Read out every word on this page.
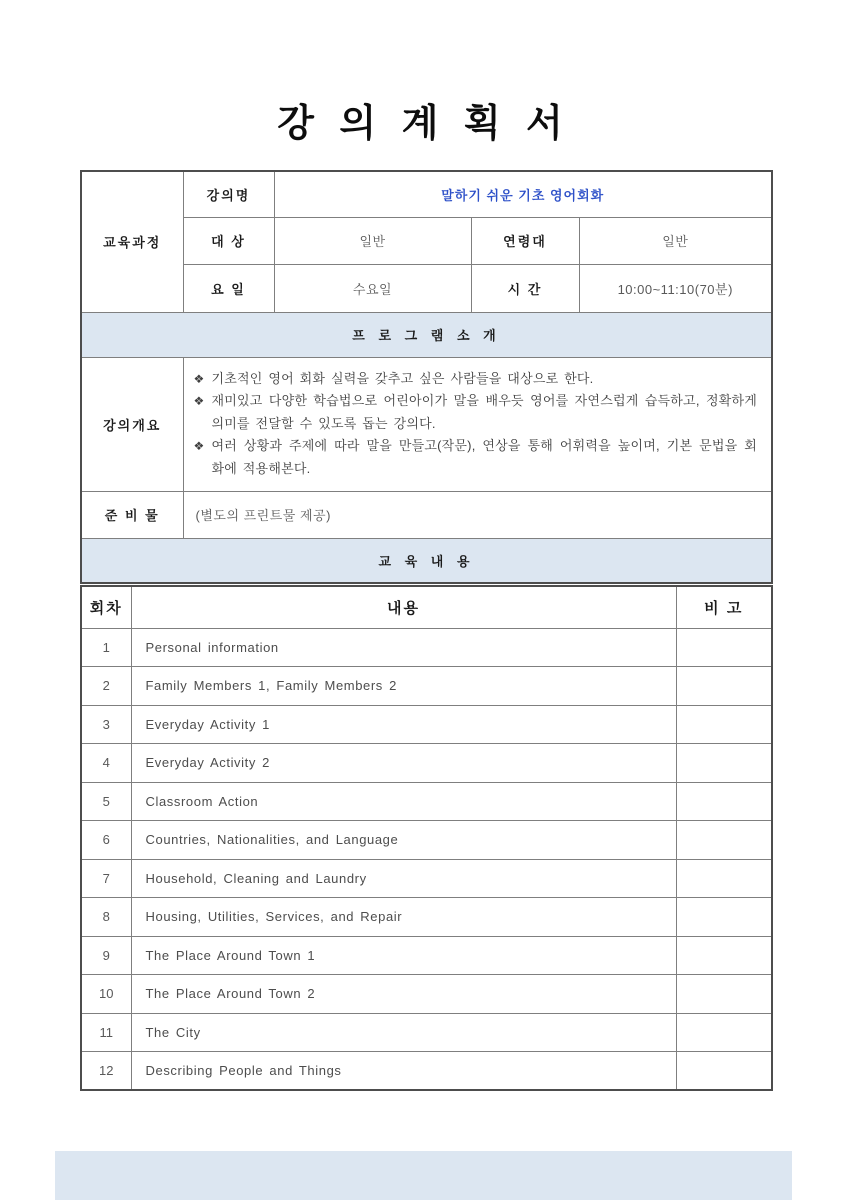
강 의 계 획 서
교육과정	강의명	말하기 쉬운 기초 영어회화		
	대 상	일반	연령대	일반
	요 일	수요일	시 간	10:00~11:10(70분)
프 로 그 램 소 개				
강의개요	
❖ 기초적인 영어 회화 실력을 갖추고 싶은 사람들을 대상으로 한다.
❖ 재미있고 다양한 학습법으로 어린아이가 말을 배우듯 영어를 자연스럽게 습득하고, 정확하게 의미를 전달할 수 있도록 돕는 강의다.
❖ 여러 상황과 주제에 따라 말을 만들고(작문), 연상을 통해 어휘력을 높이며, 기본 문법을 회화에 적용해본다.

준 비 물	(별도의 프린트물 제공)			
교 육 내 용				
회차	내용	비 고
1	Personal information	
2	Family Members 1, Family Members 2	
3	Everyday Activity 1	
4	Everyday Activity 2	
5	Classroom Action	
6	Countries, Nationalities, and Language	
7	Household, Cleaning and Laundry	
8	Housing, Utilities, Services, and Repair	
9	The Place Around Town 1	
10	The Place Around Town 2	
11	The City	
12	Describing People and Things	
